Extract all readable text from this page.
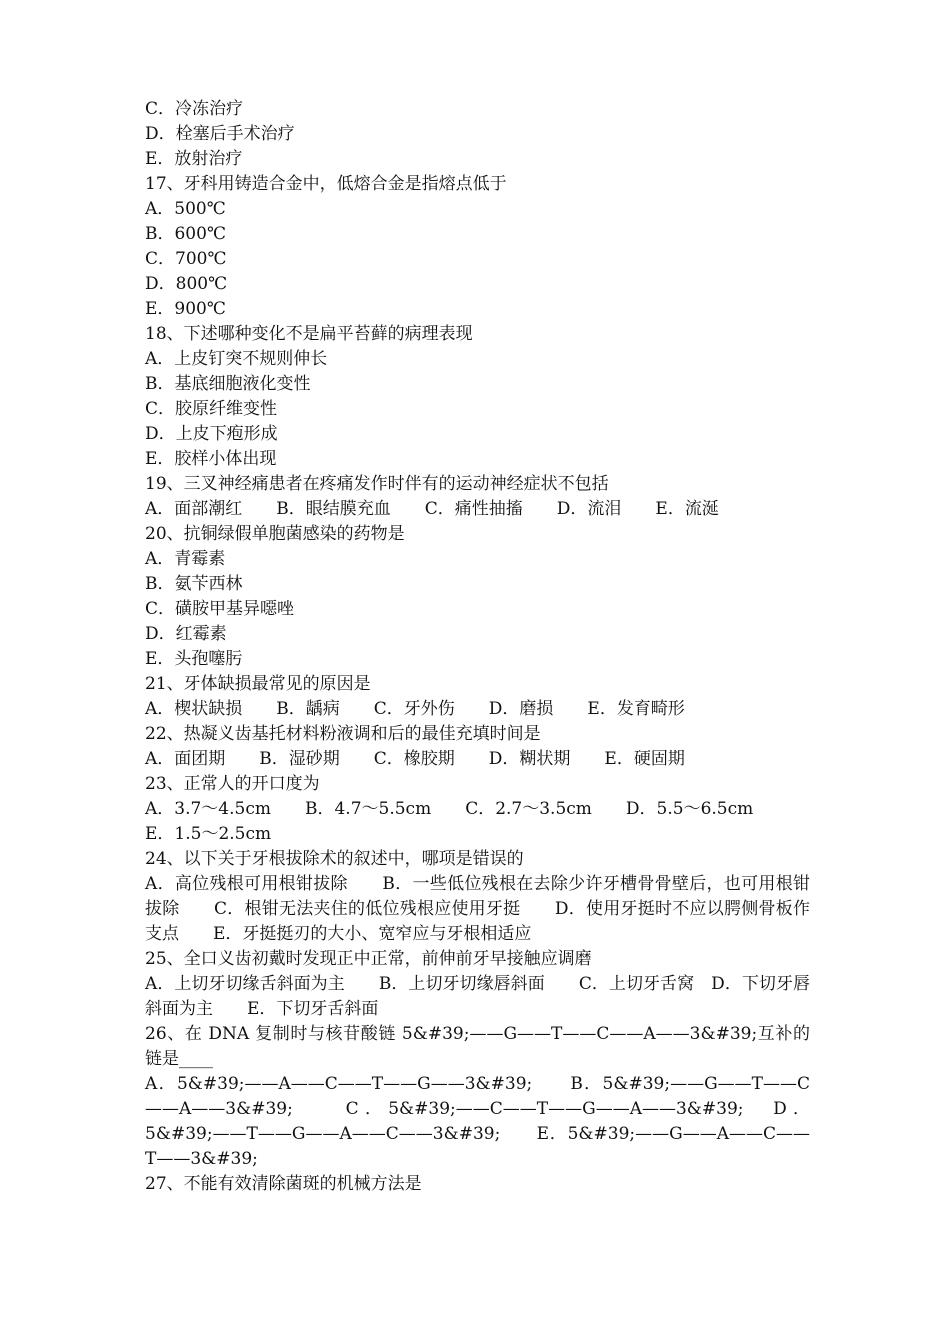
C．冷冻治疗
D．栓塞后手术治疗
E．放射治疗
17、牙科用铸造合金中，低熔合金是指熔点低于
A．500℃
B．600℃
C．700℃
D．800℃
E．900℃
18、下述哪种变化不是扁平苔藓的病理表现
A．上皮钉突不规则伸长
B．基底细胞液化变性
C．胶原纤维变性
D．上皮下疱形成
E．胶样小体出现
19、三叉神经痛患者在疼痛发作时伴有的运动神经症状不包括
A．面部潮红　　B．眼结膜充血　　C．痛性抽搐　　D．流泪　　E．流涎
20、抗铜绿假单胞菌感染的药物是
A．青霉素
B．氨苄西林
C．磺胺甲基异噁唑
D．红霉素
E．头孢噻肟
21、牙体缺损最常见的原因是
A．楔状缺损　　B．龋病　　C．牙外伤　　D．磨损　　E．发育畸形
22、热凝义齿基托材料粉液调和后的最佳充填时间是
A．面团期　　B．湿砂期　　C．橡胶期　　D．糊状期　　E．硬固期
23、正常人的开口度为
A．3.7～4.5cm　　B．4.7～5.5cm　　C．2.7～3.5cm　　D．5.5～6.5cm
E．1.5～2.5cm
24、以下关于牙根拔除术的叙述中，哪项是错误的
A．高位残根可用根钳拔除　　B．一些低位残根在去除少许牙槽骨骨壁后，也可用根钳拔除　　C．根钳无法夹住的低位残根应使用牙挺　　D．使用牙挺时不应以腭侧骨板作支点　　E．牙挺挺刃的大小、宽窄应与牙根相适应
25、全口义齿初戴时发现正中正常，前伸前牙早接触应调磨
A．上切牙切缘舌斜面为主　　B．上切牙切缘唇斜面　　C．上切牙舌窝　D．下切牙唇斜面为主　　E．下切牙舌斜面
26、在 DNA 复制时与核苷酸链 5&#39;——G——T——C——A——3&#39;互补的链是____
A．5&#39;——A——C——T——G——3&#39;　　B．5&#39;——G——T——C——A——3&#39;　　C．5&#39;——C——T——G——A——3&#39;　D．5&#39;——T——G——A——C——3&#39;　　E．5&#39;——G——A——C——T——3&#39;
27、不能有效清除菌斑的机械方法是
